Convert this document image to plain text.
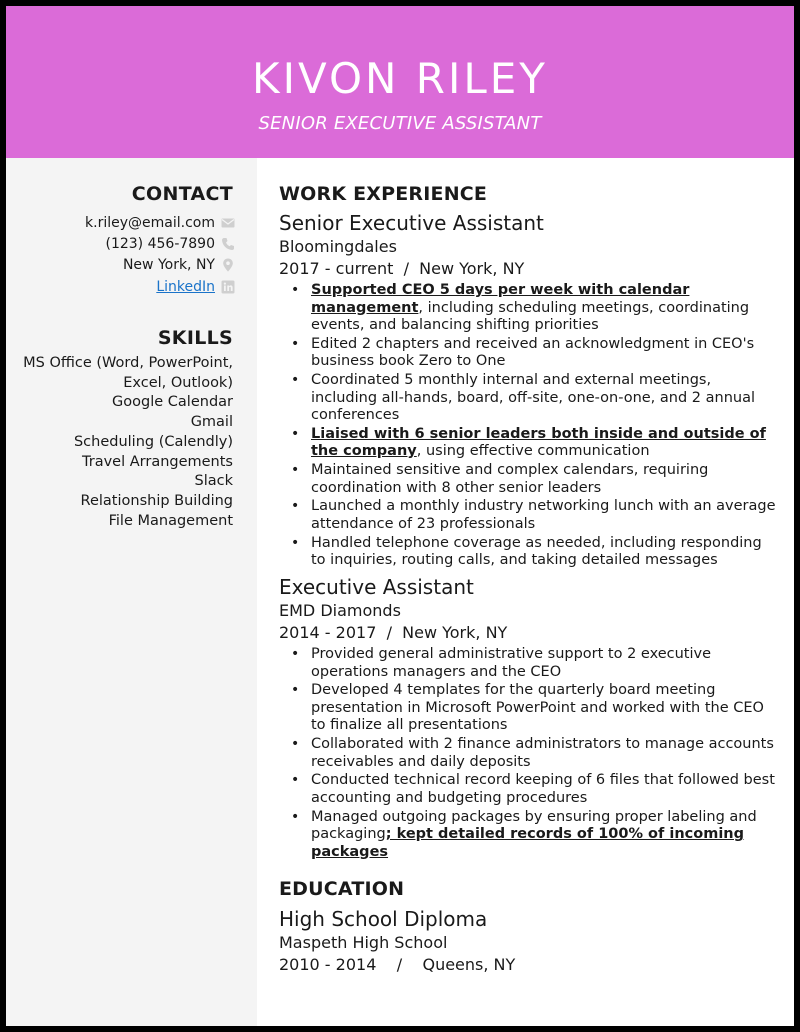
KIVON RILEY
SENIOR EXECUTIVE ASSISTANT
CONTACT
k.riley@email.com
(123) 456-7890
New York, NY
LinkedIn
SKILLS
MS Office (Word, PowerPoint, Excel, Outlook)
Google Calendar
Gmail
Scheduling (Calendly)
Travel Arrangements
Slack
Relationship Building
File Management
WORK EXPERIENCE
Senior Executive Assistant
Bloomingdales
2017 - current  /  New York, NY
• Supported CEO 5 days per week with calendar management, including scheduling meetings, coordinating events, and balancing shifting priorities
• Edited 2 chapters and received an acknowledgment in CEO's business book Zero to One
• Coordinated 5 monthly internal and external meetings, including all-hands, board, off-site, one-on-one, and 2 annual conferences
• Liaised with 6 senior leaders both inside and outside of the company, using effective communication
• Maintained sensitive and complex calendars, requiring coordination with 8 other senior leaders
• Launched a monthly industry networking lunch with an average attendance of 23 professionals
• Handled telephone coverage as needed, including responding to inquiries, routing calls, and taking detailed messages
Executive Assistant
EMD Diamonds
2014 - 2017  /  New York, NY
• Provided general administrative support to 2 executive operations managers and the CEO
• Developed 4 templates for the quarterly board meeting presentation in Microsoft PowerPoint and worked with the CEO to finalize all presentations
• Collaborated with 2 finance administrators to manage accounts receivables and daily deposits
• Conducted technical record keeping of 6 files that followed best accounting and budgeting procedures
• Managed outgoing packages by ensuring proper labeling and packaging; kept detailed records of 100% of incoming packages
EDUCATION
High School Diploma
Maspeth High School
2010 - 2014    /    Queens, NY
